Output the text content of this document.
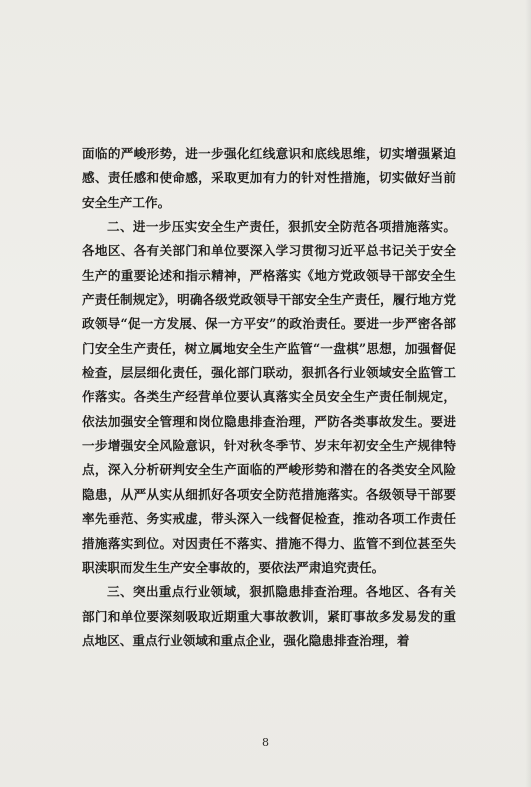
面临的严峻形势，进一步强化红线意识和底线思维，切实增强紧迫感、责任感和使命感，采取更加有力的针对性措施，切实做好当前安全生产工作。

二、进一步压实安全生产责任，狠抓安全防范各项措施落实。各地区、各有关部门和单位要深入学习贯彻习近平总书记关于安全生产的重要论述和指示精神，严格落实《地方党政领导干部安全生产责任制规定》，明确各级党政领导干部安全生产责任，履行地方党政领导“促一方发展、保一方平安”的政治责任。要进一步严密各部门安全生产责任，树立属地安全生产监管“一盘棋”思想，加强督促检查，层层细化责任，强化部门联动，狠抓各行业领域安全监管工作落实。各类生产经营单位要认真落实全员安全生产责任制规定，依法加强安全管理和岗位隐患排查治理，严防各类事故发生。要进一步增强安全风险意识，针对秋冬季节、岁末年初安全生产规律特点，深入分析研判安全生产面临的严峻形势和潜在的各类安全风险隐患，从严从实从细抓好各项安全防范措施落实。各级领导干部要率先垂范、务实戒虚，带头深入一线督促检查，推动各项工作责任措施落实到位。对因责任不落实、措施不得力、监管不到位甚至失职渎职而发生生产安全事故的，要依法严肃追究责任。

三、突出重点行业领域，狠抓隐患排查治理。各地区、各有关部门和单位要深刻吸取近期重大事故教训，紧盯事故多发易发的重点地区、重点行业领域和重点企业，强化隐患排查治理，着

8
